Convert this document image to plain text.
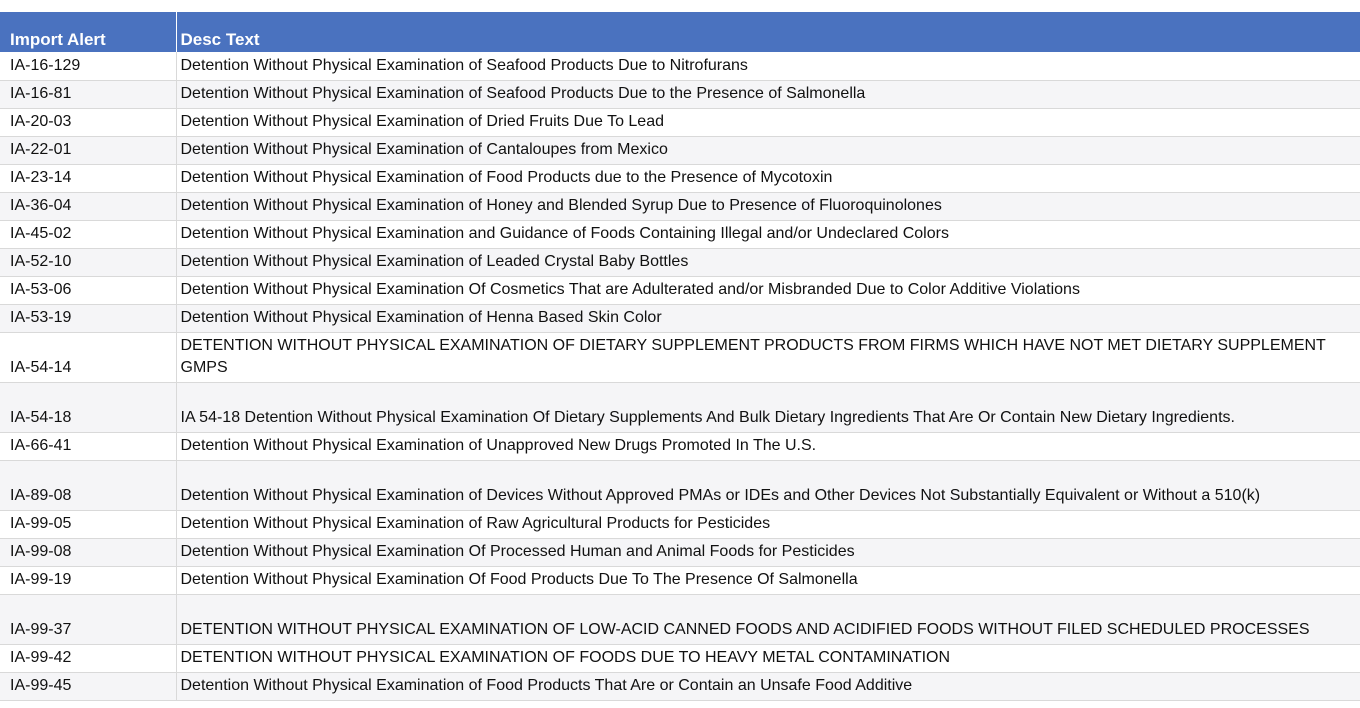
Import Alert	Desc Text
IA-16-129	Detention Without Physical Examination of Seafood Products Due to Nitrofurans
IA-16-81	Detention Without Physical Examination of Seafood Products Due to the Presence of Salmonella
IA-20-03	Detention Without Physical Examination of Dried Fruits Due To Lead
IA-22-01	Detention Without Physical Examination of Cantaloupes from Mexico
IA-23-14	Detention Without Physical Examination of Food Products due to the Presence of Mycotoxin
IA-36-04	Detention Without Physical Examination of Honey and Blended Syrup Due to Presence of Fluoroquinolones
IA-45-02	Detention Without Physical Examination and Guidance of Foods Containing Illegal and/or Undeclared Colors
IA-52-10	Detention Without Physical Examination of Leaded Crystal Baby Bottles
IA-53-06	Detention Without Physical Examination Of Cosmetics That are Adulterated and/or Misbranded Due to Color Additive Violations
IA-53-19	Detention Without Physical Examination of Henna Based Skin Color
IA-54-14	DETENTION WITHOUT PHYSICAL EXAMINATION OF DIETARY SUPPLEMENT PRODUCTS FROM FIRMS WHICH HAVE NOT MET DIETARY SUPPLEMENT GMPS
IA-54-18	IA 54-18 Detention Without Physical Examination Of Dietary Supplements And Bulk Dietary Ingredients That Are Or Contain New Dietary Ingredients.
IA-66-41	Detention Without Physical Examination of Unapproved New Drugs Promoted In The U.S.
IA-89-08	Detention Without Physical Examination of Devices Without Approved PMAs or IDEs and Other Devices Not Substantially Equivalent or Without a 510(k)
IA-99-05	Detention Without Physical Examination of Raw Agricultural Products for Pesticides
IA-99-08	Detention Without Physical Examination Of Processed Human and Animal Foods for Pesticides
IA-99-19	Detention Without Physical Examination Of Food Products Due To The Presence Of Salmonella
IA-99-37	DETENTION WITHOUT PHYSICAL EXAMINATION OF LOW-ACID CANNED FOODS AND ACIDIFIED FOODS WITHOUT FILED SCHEDULED PROCESSES
IA-99-42	DETENTION WITHOUT PHYSICAL EXAMINATION OF FOODS DUE TO HEAVY METAL CONTAMINATION
IA-99-45	Detention Without Physical Examination of Food Products That Are or Contain an Unsafe Food Additive
